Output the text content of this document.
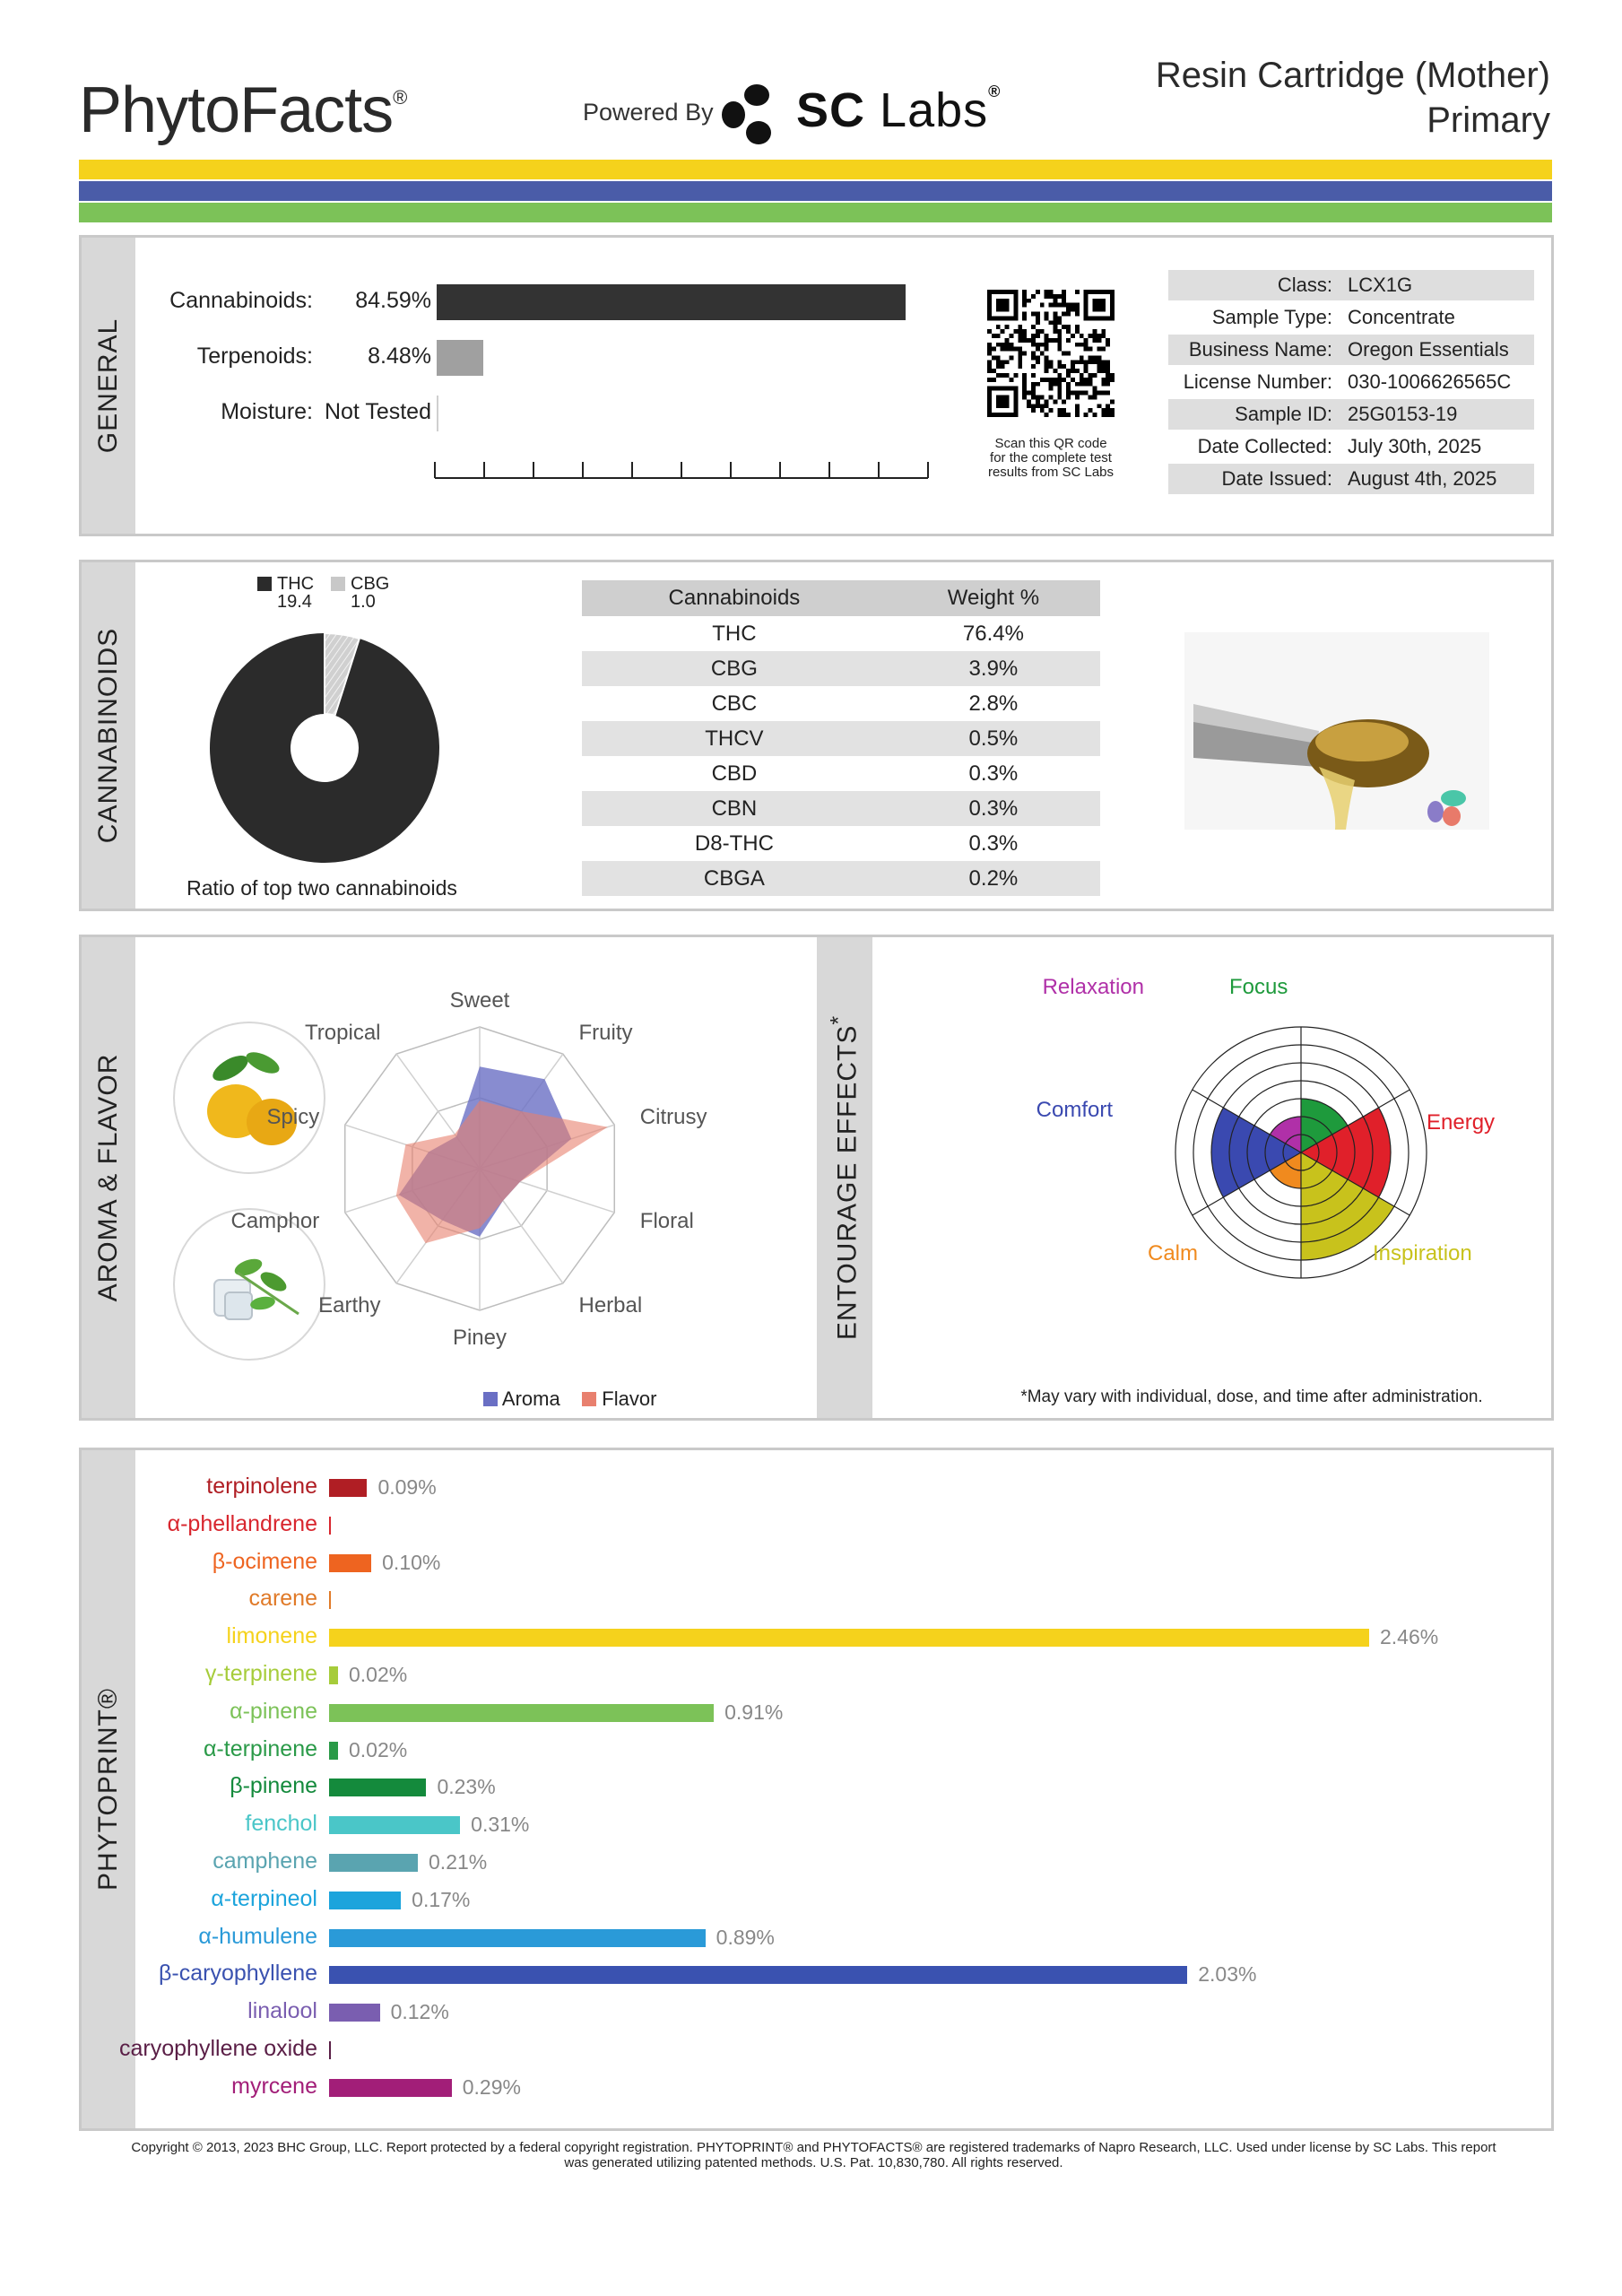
PhytoFacts®
Powered By SC Labs®	Resin Cartridge (Mother)
Primary
GENERAL
Cannabinoids:	84.59%
Terpenoids:	8.48%
Moisture: Not Tested
Scan this QR code
for the complete test
results from SC Labs
Class: LCX1G
Sample Type: Concentrate
Business Name: Oregon Essentials
License Number: 030-1006626565C
Sample ID: 25G0153-19
Date Collected: July 30th, 2025
Date Issued: August 4th, 2025
CANNABINOIDS
THC
19.4
CBG
1.0
Ratio of top two cannabinoids
Cannabinoids	Weight %
THC	76.4%
CBG	3.9%
CBC	2.8%
THCV	0.5%
CBD	0.3%
CBN	0.3%
D8-THC	0.3%
CBGA	0.2%
AROMA & FLAVOR
Sweet
Fruity
Citrusy
Floral
Herbal
Piney
Earthy
Camphor
Spicy
Tropical
Aroma Flavor
ENTOURAGE EFFECTS*
Focus
Energy
Inspiration
Calm
Comfort
Relaxation
*May vary with individual, dose, and time after administration.
PHYTOPRINT®
terpinolene	0.09%
α-phellandrene
β-ocimene	0.10%
carene
limonene	2.46%
γ-terpinene 0.02%
α-pinene	0.91%
α-terpinene 0.02%
β-pinene	0.23%
fenchol	0.31%
camphene	0.21%
α-terpineol	0.17%
α-humulene	0.89%
β-caryophyllene	2.03%
linalool	0.12%
caryophyllene oxide
myrcene	0.29%
Copyright © 2013, 2023 BHC Group, LLC. Report protected by a federal copyright registration. PHYTOPRINT® and PHYTOFACTS® are registered trademarks of Napro Research, LLC. Used under license by SC Labs. This report
was generated utilizing patented methods. U.S. Pat. 10,830,780. All rights reserved.
